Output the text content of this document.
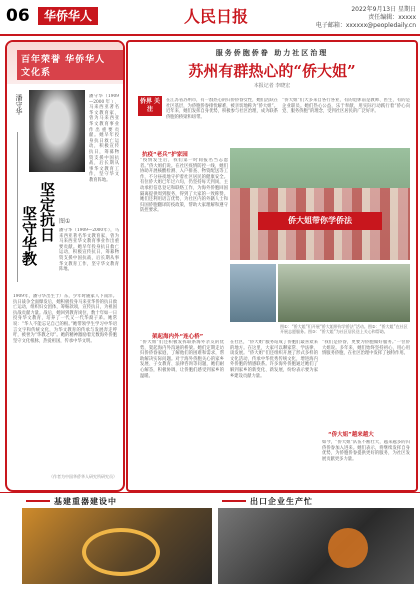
06	华侨华人	人民日报	2022年9月13日 星期日
责任编辑：xxxxx
电子邮箱：xxxxxx@peopledaily.cn
百年荣誉 华侨华人 文化系
潘守华	潘守华（1909—2000年），马来西亚著名华文教育家，曾为马来西亚华文教育事业作出重要贡献。她早年投身抗日救亡运动，积极宣传抗日，筹募物资支援中国抗战，后长期从事华文教育工作，坚守华文教育阵地。
坚定抗日
坚守华教	图①
潘守华（1909—2000年），马来西亚著名华文教育家，曾为马来西亚华文教育事业作出重要贡献。她早年投身抗日救亡运动，积极宣传抗日，筹募物资支援中国抗战，后长期从事华文教育工作，坚守华文教育阵地。
1909年，潘守华出生于广东，少年时随家人下南洋。抗日战争全面爆发后，她积极投身马来亚华侨的抗日救亡运动，组织妇女团体，筹赈款项，宣传抗日，为祖国抗战贡献力量。战后，她回到教育岗位，数十年如一日投身华文教育，培养了一代又一代华裔子弟。她常说：“华人不能忘记自己的根。”她带领学生学习中华语言文字和传统文化，为华文教育的传承与发展奔走呼吁，被誉为“华教之母”。她的精神激励着无数海外侨胞坚守文化根脉，热爱祖国，传承中华文明。
（作者为中国华侨华人研究所研究员）
服务侨胞侨眷 助力社区治理
苏州有群热心的“侨大姐”
本报记者 李晓宏
侨界 关注
在江苏省苏州市，有一群热心的归侨侨眷女性，她们活跃在社区基层，为侨胞侨眷排忧解难，被亲切地称为“侨大姐”。近年来，她们发挥自身优势，积极参与社区治理，成为联系侨胞的桥梁和纽带。
“侨大姐”们大多来自各行各业，有的退休前是教师、医生，有的是企业职员。她们热心公益，乐于奉献，用实际行动践行着“侨心向党、服务侨胞”的理念，受到社区居民的广泛好评。
抗疫“老兵”护家园
“疫情发生后，我们第一时间报名当志愿者。”侨大姐们说。在社区疫情防控一线，她们协助开展核酸检测、入户排查、物资配送等工作，不分昼夜地守护着社区居民的健康安全。有位侨大姐已年过六旬，仍坚持每天到岗，主动承担信息登记和联络工作，为海外侨胞回国隔离提供周到服务，得到了大家的一致称赞。她们还利用语言优势，为社区内的外籍人士和归国侨胞翻译防疫政策，帮助大家理解和遵守防控要求。
侨大姐带你学侨法
图①：“侨大姐”们开展“侨大姐带你学侨法”活动。图②：“侨大姐”在社区开展志愿服务。图③：“侨大姐”为社区居民送上关心和帮助。
架起海内外“连心桥”
“侨大姐”们还积极发挥联系海外亲友的优势，架起海内外沟通的桥梁。她们定期走访归侨侨眷家庭，了解他们的困难和需求，帮助解决实际问题。对于海外侨胞关心的家乡发展、子女教育、法律咨询等问题，她们耐心解答，积极协调，让侨胞们感受到家乡的温暖。
在社区，“侨大姐”服务站成了侨胞们最喜欢来的地方。在这里，大家可以聊家常、学法律、谈发展。“侨大姐”们还组织开展了形式多样的文化活动，传承中华优秀传统文化，增进海内外侨胞的情感联系。许多海外侨胞通过她们了解到家乡的新变化、新发展，纷纷表示要为家乡建设贡献力量。
“我们是侨眷，更要为侨胞做好服务。”一位侨大姐说。多年来，她们始终坚持初心，用心用情服务侨胞，在社区治理中发挥了独特作用。
“侨大姐”越来越大
如今，“侨大姐”队伍不断壮大，越来越多的归侨侨眷加入进来。她们表示，将继续发挥自身优势，为侨胞侨眷提供更好的服务，为社区发展贡献更多力量。
基建重器建设中	出口企业生产忙
